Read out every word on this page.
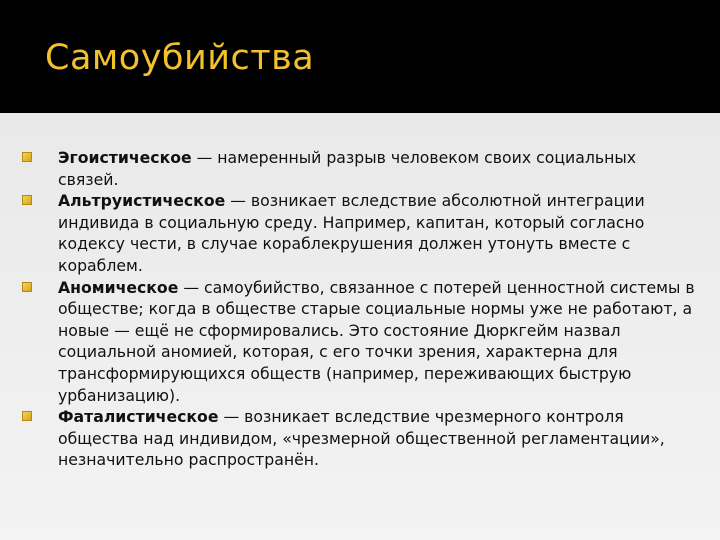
Самоубийства
Эгоистическое — намеренный разрыв человеком своих социальных связей.
Альтруистическое — возникает вследствие абсолютной интеграции индивида в социальную среду. Например, капитан, который согласно кодексу чести, в случае кораблекрушения должен утонуть вместе с кораблем.
Аномическое — самоубийство, связанное с потерей ценностной системы в обществе; когда в обществе старые социальные нормы уже не работают, а новые — ещё не сформировались. Это состояние Дюркгейм назвал социальной аномией, которая, с его точки зрения, характерна для трансформирующихся обществ (например, переживающих быструю урбанизацию).
Фаталистическое — возникает вследствие чрезмерного контроля общества над индивидом, «чрезмерной общественной регламентации», незначительно распространён.
